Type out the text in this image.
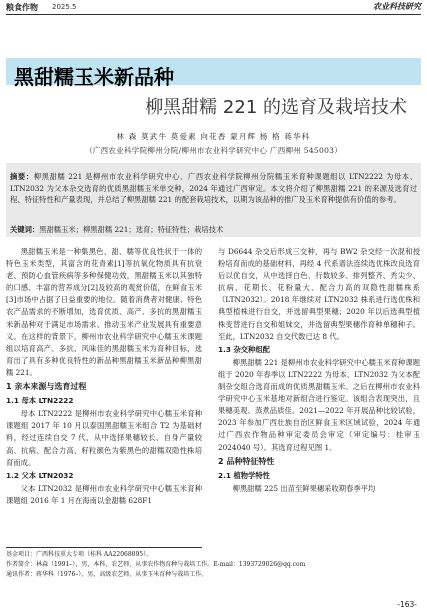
粮食作物 2025.5	农业科技研究
黑甜糯玉米新品种
柳黑甜糯 221 的选育及栽培技术
林 森 莫武牛 莫爱素 向花香 蒙月辉 杨 格 蒋华科
（广西农业科学院柳州分院/柳州市农业科学研究中心 广西柳州 545003）
摘要：柳黑甜糯 221 是柳州市农业科学研究中心、广西农业科学院柳州分院糯玉米育种课题组以 LTN2222 为母本、LTN2032 为父本杂交选育的优质黑甜糯玉米单交种，2024 年通过广西审定。本文将介绍了柳黑甜糯 221 的来源及选育过程、特征特性和产量表现，并总结了柳黑甜糯 221 的配套栽培技术，以期为该品种的推广及玉米育种提供有价值的参考。
关键词：黑甜糯玉米；柳黑甜糯 221；选育；特征特性；栽培技术

黑甜糯玉米是一种集黑色、甜、糯等优良性状于一体的特色玉米类型，其富含的花青素[1]等抗氧化物质具有抗衰老、预防心血管疾病等多种保健功效，黑甜糯玉米以其独特的口感、丰富的营养成分[2]及较高的观赏价值，在鲜食玉米[3]市场中占据了日益重要的地位。随着消费者对健康、特色农产品需求的不断增加，选育优质、高产、多抗的黑甜糯玉米新品种对于满足市场需求、推动玉米产业发展具有重要意义。在这样的背景下，柳州市农业科学研究中心糯玉米课题组以培育高产、多抗、风味佳的黑甜糯玉米为育种目标，选育出了具有多种优良特性的新品种黑甜糯玉米新品种柳黑甜糯 221。

1 亲本来源与选育过程
1.1 母本 LTN2222

母本 LTN2222 是柳州市农业科学研究中心糯玉米育种课题组 2017 年 10 月以泰国黑甜糯玉米组合 T2 为基础材料，经过连续自交 7 代，从中选择果穗较长、自身产量较高、抗病、配合力高、籽粒颜色为紫黑色的甜糯双隐性株培育而成。

1.2 父本 LTN2032

父本 LTN2032 是柳州市农业科学研究中心糯玉米育种课题组 2016 年 1 月在海南以金甜糯 628F1

与 D6644 杂交后形成三交种，再与 BW2 杂交经一次混和授粉培育而成的基础材料，再经 4 代系谱法连续选优株改良选育后以优自交，从中选择白色、行数较多、排列整齐、秃尖少、抗病、花期长、花粉量大、配合力高的双隐性甜糯株系（LTN2032）。2018 年继续对 LTN2032 株系进行选优株和典型植株进行自交，并选留典型果穗；2020 年以后选典型植株变替进行自交和姐妹交，并选留典型果穗作育种单穗种子。至此，LTN2032 自交代数已达 8 代。

1.3 杂交种组配

柳黑甜糯 221 是柳州市农业科学研究中心糯玉米育种课题组于 2020 年春季以 LTN2222 为母本、LTN2032 为父本配制杂交组合选育而成的优质黑甜糯玉米。之后在柳州市农业科学研究中心玉米基地对新组合进行鉴定。该组合表现突出，且果穗美观、蒸煮品质佳。2021—2022 年开展品种比较试验，2023 年参加广西壮族自治区鲜食玉米区域试验，2024 年通过广西农作物品种审定委员会审定（审定编号：桂审玉 2024040 号）。其选育过程见图 1。

2 品种特征特性
2.1 植物学特性

柳黑甜糯 225 出苗至鲜果穗采收期春季平均

基金项目：广西科技重大专项（桂科 AA22068095）。
作者简介：林森（1991–），男，本科，农艺师，从事农作物育种与栽培工作。E-mail：1393729026@qq.com
通讯作者：蒋华科（1976–），男，高级农艺师，从事玉米育种与栽培工作。
-163-
